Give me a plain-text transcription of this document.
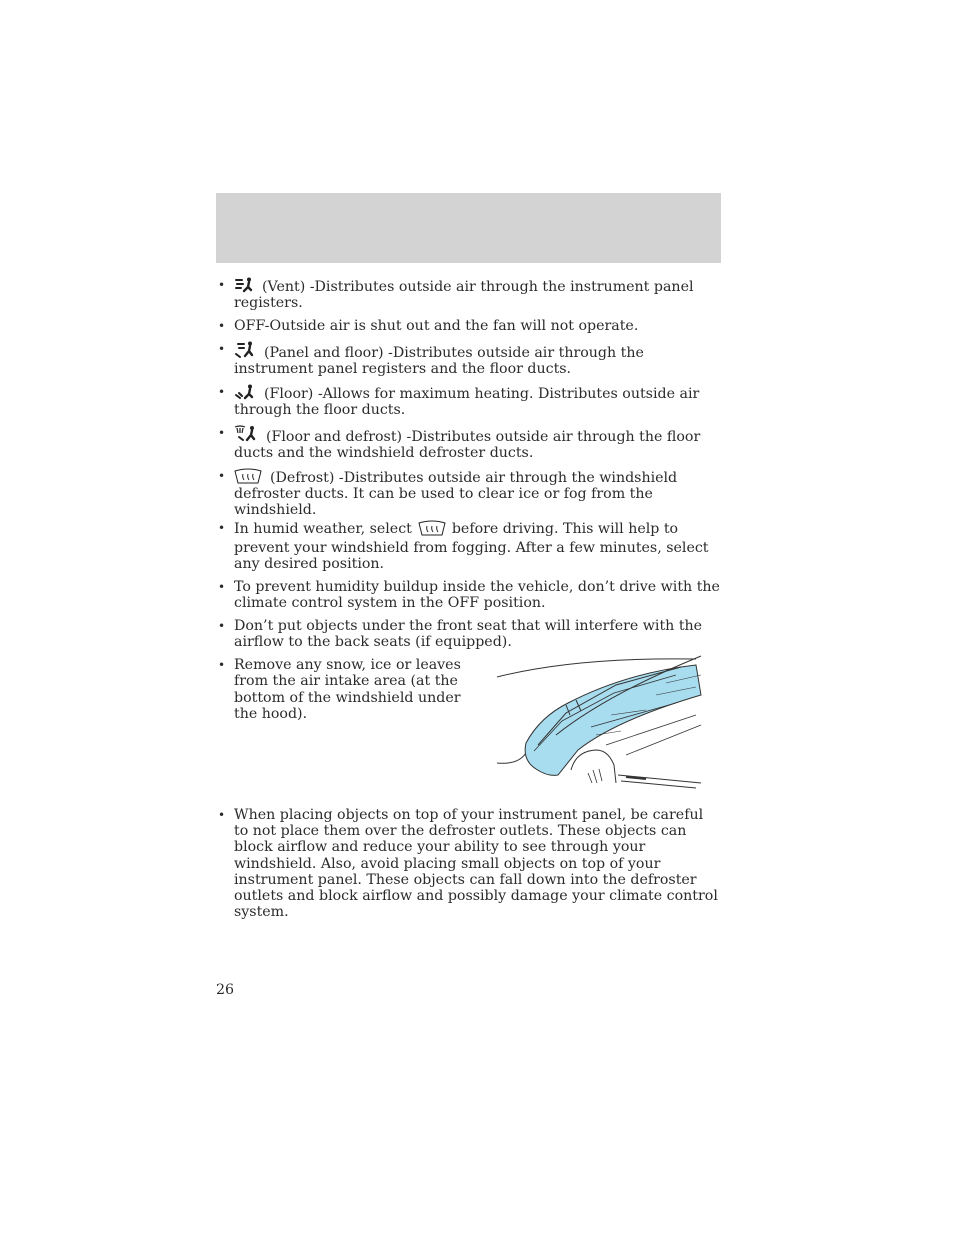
•	(Vent) -Distributes outside air through the instrument panel registers.
• OFF-Outside air is shut out and the fan will not operate.
•	(Panel and floor) -Distributes outside air through the instrument panel registers and the floor ducts.
•	(Floor) -Allows for maximum heating. Distributes outside air through the floor ducts.
•	(Floor and defrost) -Distributes outside air through the floor ducts and the windshield defroster ducts.
•	(Defrost) -Distributes outside air through the windshield defroster ducts. It can be used to clear ice or fog from the windshield.
• In humid weather, select	before driving. This will help to prevent your windshield from fogging. After a few minutes, select any desired position.
• To prevent humidity buildup inside the vehicle, don’t drive with the climate control system in the OFF position.
• Don’t put objects under the front seat that will interfere with the airflow to the back seats (if equipped).
• Remove any snow, ice or leaves from the air intake area (at the bottom of the windshield under the hood).
• When placing objects on top of your instrument panel, be careful to not place them over the defroster outlets. These objects can block airflow and reduce your ability to see through your windshield. Also, avoid placing small objects on top of your instrument panel. These objects can fall down into the defroster outlets and block airflow and possibly damage your climate control system.
26
